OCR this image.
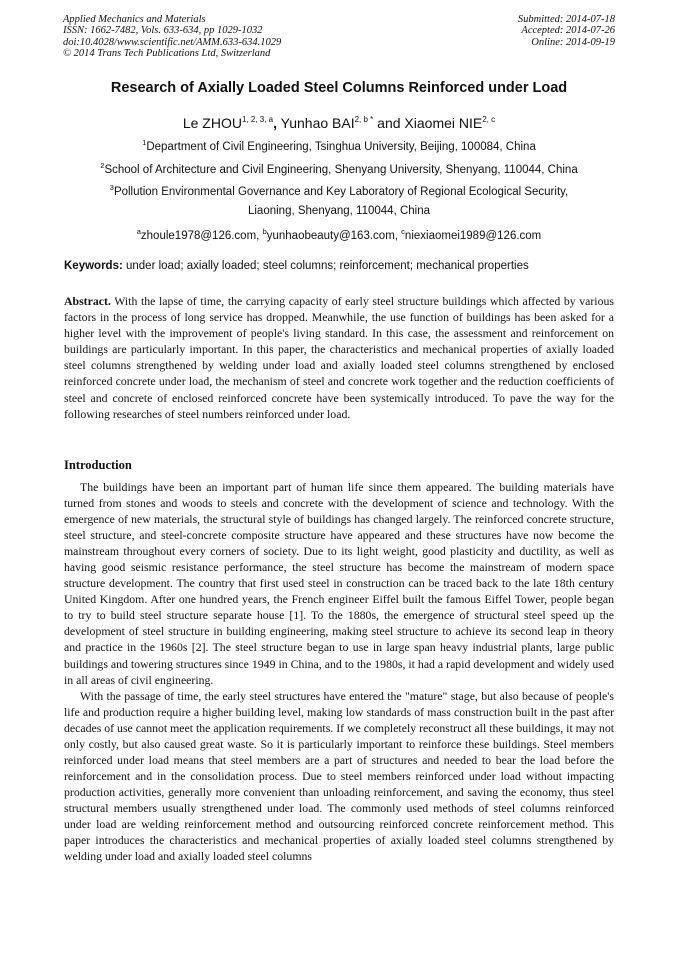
Applied Mechanics and Materials
ISSN: 1662-7482, Vols. 633-634, pp 1029-1032
doi:10.4028/www.scientific.net/AMM.633-634.1029
© 2014 Trans Tech Publications Ltd, Switzerland
Submitted: 2014-07-18
Accepted: 2014-07-26
Online: 2014-09-19
Research of Axially Loaded Steel Columns Reinforced under Load
Le ZHOU$^{1, 2, 3, a}$, Yunhao $BAI^{2, b *}$ and Xiaomei NIE$^{2, c}$
$^1$Department of Civil Engineering, Tsinghua University, Beijing, 100084, China
$^2$School of Architecture and Civil Engineering, Shenyang University, Shenyang, 110044, China
$^3$Pollution Environmental Governance and Key Laboratory of Regional Ecological Security,
Liaoning, Shenyang, 110044, China
$^a$zhoule1978@126.com, $^b$yunhaobeauty@163.com, $^c$niexiaomei1989@126.com
Keywords: under load; axially loaded; steel columns; reinforcement; mechanical properties
Abstract. With the lapse of time, the carrying capacity of early steel structure buildings which affected by various factors in the process of long service has dropped. Meanwhile, the use function of buildings has been asked for a higher level with the improvement of people's living standard. In this case, the assessment and reinforcement on buildings are particularly important. In this paper, the characteristics and mechanical properties of axially loaded steel columns strengthened by welding under load and axially loaded steel columns strengthened by enclosed reinforced concrete under load, the mechanism of steel and concrete work together and the reduction coefficients of steel and concrete of enclosed reinforced concrete have been systemically introduced. To pave the way for the following researches of steel numbers reinforced under load.
Introduction

The buildings have been an important part of human life since them appeared. The building materials have turned from stones and woods to steels and concrete with the development of science and technology. With the emergence of new materials, the structural style of buildings has changed largely. The reinforced concrete structure, steel structure, and steel-concrete composite structure have appeared and these structures have now become the mainstream throughout every corners of society. Due to its light weight, good plasticity and ductility, as well as having good seismic resistance performance, the steel structure has become the mainstream of modern space structure development. The country that first used steel in construction can be traced back to the late 18th century United Kingdom. After one hundred years, the French engineer Eiffel built the famous Eiffel Tower, people began to try to build steel structure separate house [1]. To the 1880s, the emergence of structural steel speed up the development of steel structure in building engineering, making steel structure to achieve its second leap in theory and practice in the 1960s [2]. The steel structure began to use in large span heavy industrial plants, large public buildings and towering structures since 1949 in China, and to the 1980s, it had a rapid development and widely used in all areas of civil engineering.

With the passage of time, the early steel structures have entered the "mature" stage, but also because of people's life and production require a higher building level, making low standards of mass construction built in the past after decades of use cannot meet the application requirements. If we completely reconstruct all these buildings, it may not only costly, but also caused great waste. So it is particularly important to reinforce these buildings. Steel members reinforced under load means that steel members are a part of structures and needed to bear the load before the reinforcement and in the consolidation process. Due to steel members reinforced under load without impacting production activities, generally more convenient than unloading reinforcement, and saving the economy, thus steel structural members usually strengthened under load. The commonly used methods of steel columns reinforced under load are welding reinforcement method and outsourcing reinforced concrete reinforcement method. This paper introduces the characteristics and mechanical properties of axially loaded steel columns strengthened by welding under load and axially loaded steel columns
